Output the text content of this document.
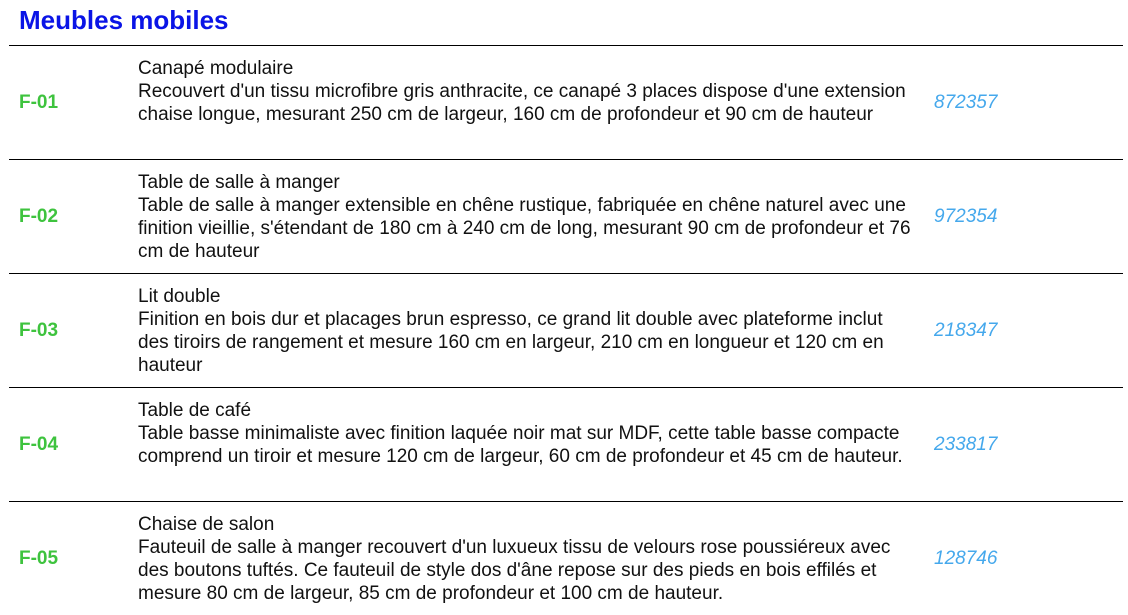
Meubles mobiles
F-01
Canapé modulaire
Recouvert d'un tissu microfibre gris anthracite, ce canapé 3 places dispose d'une extension chaise longue, mesurant 250 cm de largeur, 160 cm de profondeur et 90 cm de hauteur
872357
F-02
Table de salle à manger
Table de salle à manger extensible en chêne rustique, fabriquée en chêne naturel avec une finition vieillie, s'étendant de 180 cm à 240 cm de long, mesurant 90 cm de profondeur et 76 cm de hauteur
972354
F-03
Lit double
Finition en bois dur et placages brun espresso, ce grand lit double avec plateforme inclut des tiroirs de rangement et mesure 160 cm en largeur, 210 cm en longueur et 120 cm en hauteur
218347
F-04
Table de café
Table basse minimaliste avec finition laquée noir mat sur MDF, cette table basse compacte comprend un tiroir et mesure 120 cm de largeur, 60 cm de profondeur et 45 cm de hauteur.
233817
F-05
Chaise de salon
Fauteuil de salle à manger recouvert d'un luxueux tissu de velours rose poussiéreux avec des boutons tuftés. Ce fauteuil de style dos d'âne repose sur des pieds en bois effilés et mesure 80 cm de largeur, 85 cm de profondeur et 100 cm de hauteur.
128746
